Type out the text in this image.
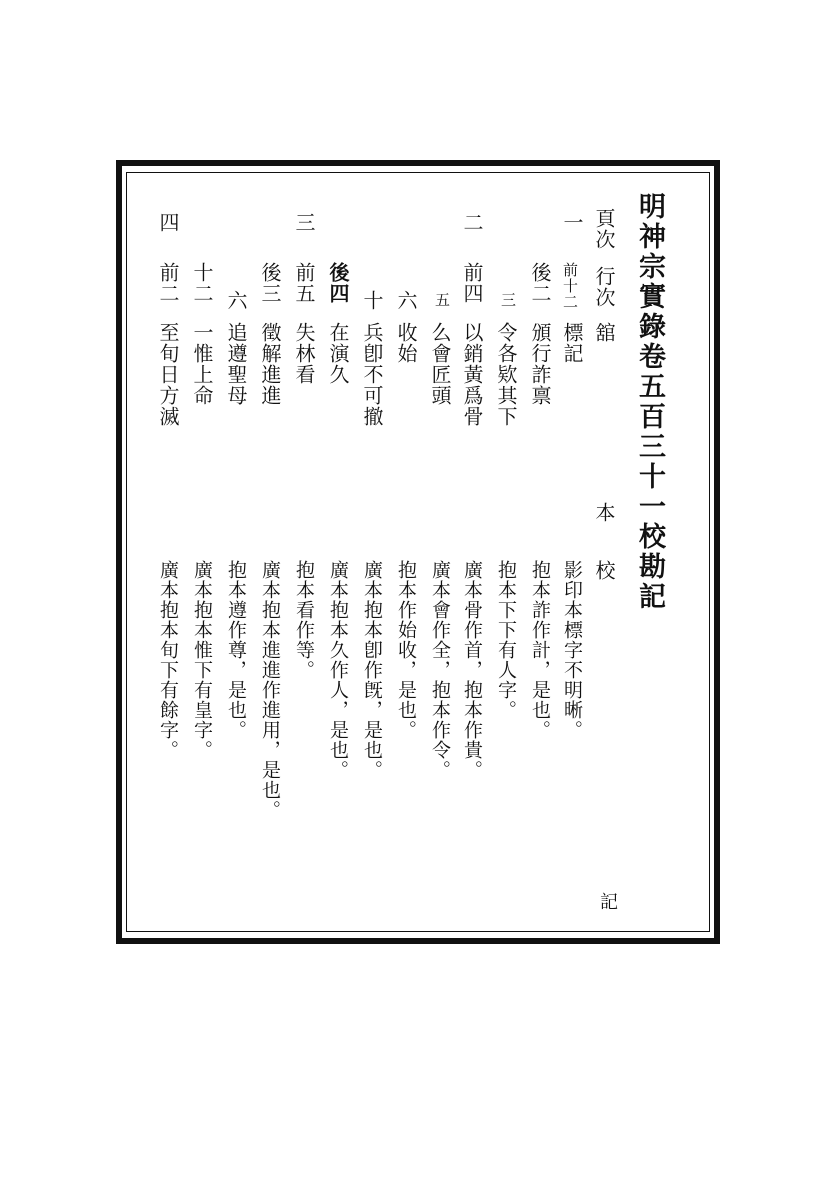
明神宗實錄卷五百三十一校勘記
頁次
行次
舘
本
校
一
前十二
標記
影印本標字不明晰。
後二
頒行詐禀
抱本詐作計，是也。
三
令各欵其下
抱本下下有人字。
二
前四
以銷黃爲骨
廣本骨作首，抱本作貴。
五
么會匠頭
廣本會作全，抱本作令。
六
收始
抱本作始收，是也。
十
兵卽不可撤
廣本抱本卽作旣，是也。
後四
在演久
廣本抱本久作人，是也。
三
前五
失林看
抱本看作等。
後三
徵解進進
廣本抱本進進作進用，是也。
六
追遵聖母
抱本遵作尊，是也。
十二
一惟上命
廣本抱本惟下有皇字。
四
前二
至旬日方滅
廣本抱本旬下有餘字。
記
